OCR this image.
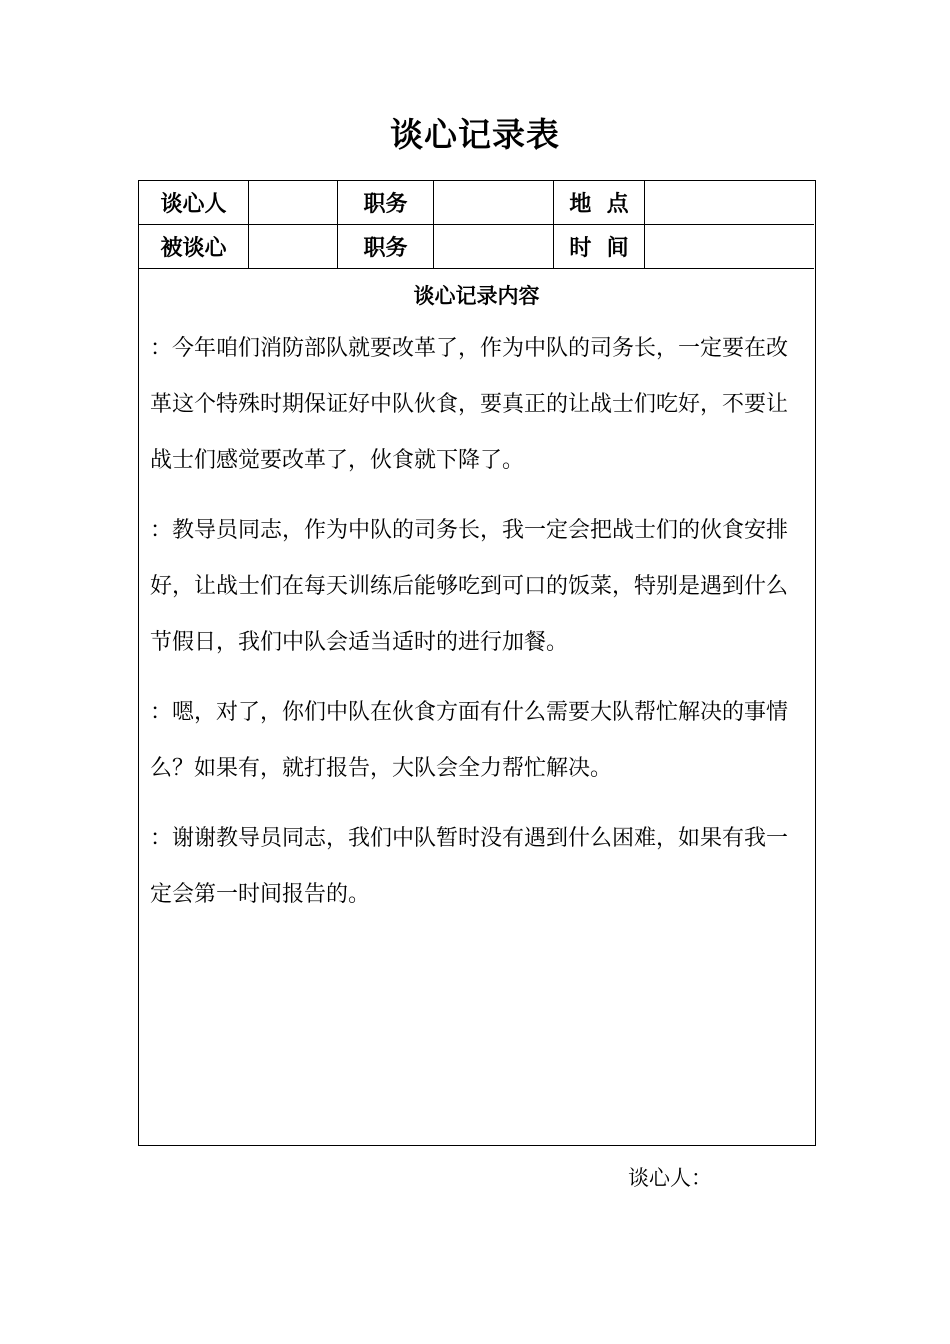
谈心记录表
谈心人	职务	地  点
被谈心	职务	时  间
谈心记录内容

：今年咱们消防部队就要改革了，作为中队的司务长，一定要在改革这个特殊时期保证好中队伙食，要真正的让战士们吃好，不要让战士们感觉要改革了，伙食就下降了。

：教导员同志，作为中队的司务长，我一定会把战士们的伙食安排好，让战士们在每天训练后能够吃到可口的饭菜，特别是遇到什么节假日，我们中队会适当适时的进行加餐。

：嗯，对了，你们中队在伙食方面有什么需要大队帮忙解决的事情么？如果有，就打报告，大队会全力帮忙解决。

：谢谢教导员同志，我们中队暂时没有遇到什么困难，如果有我一定会第一时间报告的。

谈心人：
